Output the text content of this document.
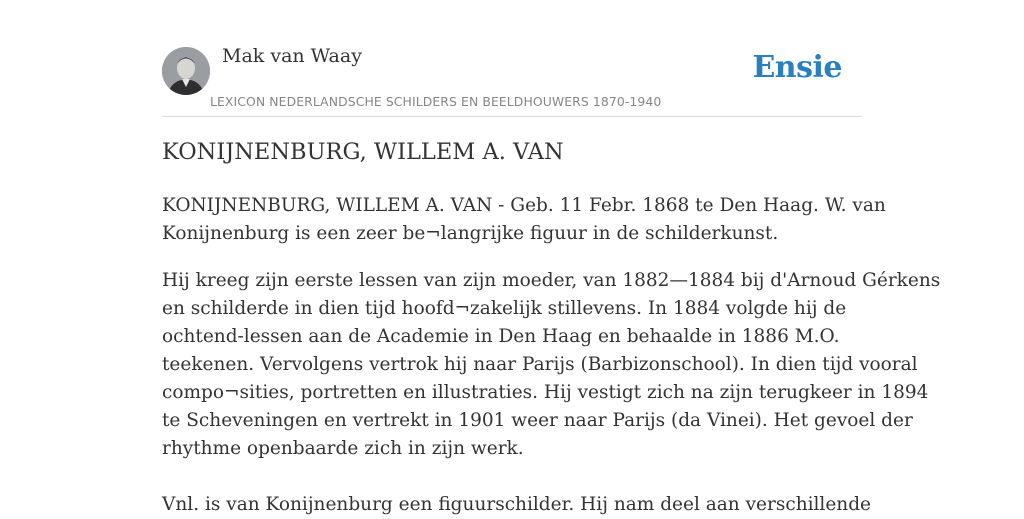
Mak van Waay
LEXICON NEDERLANDSCHE SCHILDERS EN BEELDHOUWERS 1870-1940
Ensie
KONIJNENBURG, WILLEM A. VAN

KONIJNENBURG, WILLEM A. VAN - Geb. 11 Febr. 1868 te Den Haag. W. van
Konijnenburg is een zeer be¬langrijke figuur in de schilderkunst.

Hij kreeg zijn eerste lessen van zijn moeder, van 1882—1884 bij d'Arnoud Gérkens
en schilderde in dien tijd hoofd¬zakelijk stillevens. In 1884 volgde hij de
ochtend-lessen aan de Academie in Den Haag en behaalde in 1886 M.O.
teekenen. Vervolgens vertrok hij naar Parijs (Barbizonschool). In dien tijd vooral
compo¬sities, portretten en illustraties. Hij vestigt zich na zijn terugkeer in 1894
te Scheveningen en vertrekt in 1901 weer naar Parijs (da Vinei). Het gevoel der
rhythme openbaarde zich in zijn werk.

Vnl. is van Konijnenburg een figuurschilder. Hij nam deel aan verschillende
